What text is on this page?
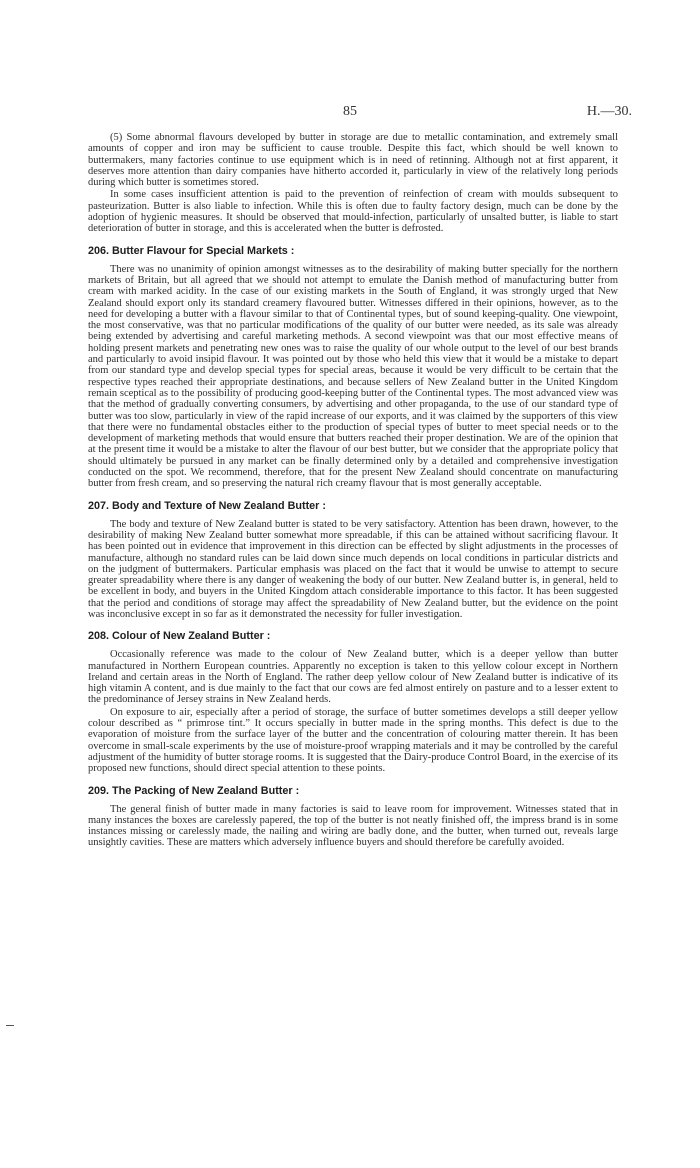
85	H.—30.

(5) Some abnormal flavours developed by butter in storage are due to metallic contamination, and extremely small amounts of copper and iron may be sufficient to cause trouble. Despite this fact, which should be well known to buttermakers, many factories continue to use equipment which is in need of retinning. Although not at first apparent, it deserves more attention than dairy companies have hitherto accorded it, particularly in view of the relatively long periods during which butter is sometimes stored.

In some cases insufficient attention is paid to the prevention of reinfection of cream with moulds subsequent to pasteurization. Butter is also liable to infection. While this is often due to faulty factory design, much can be done by the adoption of hygienic measures. It should be observed that mould-infection, particularly of unsalted butter, is liable to start deterioration of butter in storage, and this is accelerated when the butter is defrosted.

206. Butter Flavour for Special Markets :

There was no unanimity of opinion amongst witnesses as to the desirability of making butter specially for the northern markets of Britain, but all agreed that we should not attempt to emulate the Danish method of manufacturing butter from cream with marked acidity. In the case of our existing markets in the South of England, it was strongly urged that New Zealand should export only its standard creamery flavoured butter. Witnesses differed in their opinions, however, as to the need for developing a butter with a flavour similar to that of Continental types, but of sound keeping-quality. One viewpoint, the most conservative, was that no particular modifications of the quality of our butter were needed, as its sale was already being extended by advertising and careful marketing methods. A second viewpoint was that our most effective means of holding present markets and penetrating new ones was to raise the quality of our whole output to the level of our best brands and particularly to avoid insipid flavour. It was pointed out by those who held this view that it would be a mistake to depart from our standard type and develop special types for special areas, because it would be very difficult to be certain that the respective types reached their appropriate destinations, and because sellers of New Zealand butter in the United Kingdom remain sceptical as to the possibility of producing good-keeping butter of the Continental types. The most advanced view was that the method of gradually converting consumers, by advertising and other propaganda, to the use of our standard type of butter was too slow, particularly in view of the rapid increase of our exports, and it was claimed by the supporters of this view that there were no fundamental obstacles either to the production of special types of butter to meet special needs or to the development of marketing methods that would ensure that butters reached their proper destination. We are of the opinion that at the present time it would be a mistake to alter the flavour of our best butter, but we consider that the appropriate policy that should ultimately be pursued in any market can be finally determined only by a detailed and comprehensive investigation conducted on the spot. We recommend, therefore, that for the present New Zealand should concentrate on manufacturing butter from fresh cream, and so preserving the natural rich creamy flavour that is most generally acceptable.

207. Body and Texture of New Zealand Butter :

The body and texture of New Zealand butter is stated to be very satisfactory. Attention has been drawn, however, to the desirability of making New Zealand butter somewhat more spreadable, if this can be attained without sacrificing flavour. It has been pointed out in evidence that improvement in this direction can be effected by slight adjustments in the processes of manufacture, although no standard rules can be laid down since much depends on local conditions in particular districts and on the judgment of buttermakers. Particular emphasis was placed on the fact that it would be unwise to attempt to secure greater spreadability where there is any danger of weakening the body of our butter. New Zealand butter is, in general, held to be excellent in body, and buyers in the United Kingdom attach considerable importance to this factor. It has been suggested that the period and conditions of storage may affect the spreadability of New Zealand butter, but the evidence on the point was inconclusive except in so far as it demonstrated the necessity for fuller investigation.

208. Colour of New Zealand Butter :

Occasionally reference was made to the colour of New Zealand butter, which is a deeper yellow than butter manufactured in Northern European countries. Apparently no exception is taken to this yellow colour except in Northern Ireland and certain areas in the North of England. The rather deep yellow colour of New Zealand butter is indicative of its high vitamin A content, and is due mainly to the fact that our cows are fed almost entirely on pasture and to a lesser extent to the predominance of Jersey strains in New Zealand herds.

On exposure to air, especially after a period of storage, the surface of butter sometimes develops a still deeper yellow colour described as “ primrose tint.” It occurs specially in butter made in the spring months. This defect is due to the evaporation of moisture from the surface layer of the butter and the concentration of colouring matter therein. It has been overcome in small-scale experiments by the use of moisture-proof wrapping materials and it may be controlled by the careful adjustment of the humidity of butter storage rooms. It is suggested that the Dairy-produce Control Board, in the exercise of its proposed new functions, should direct special attention to these points.

209. The Packing of New Zealand Butter :

The general finish of butter made in many factories is said to leave room for improvement. Witnesses stated that in many instances the boxes are carelessly papered, the top of the butter is not neatly finished off, the impress brand is in some instances missing or carelessly made, the nailing and wiring are badly done, and the butter, when turned out, reveals large unsightly cavities. These are matters which adversely influence buyers and should therefore be carefully avoided.
